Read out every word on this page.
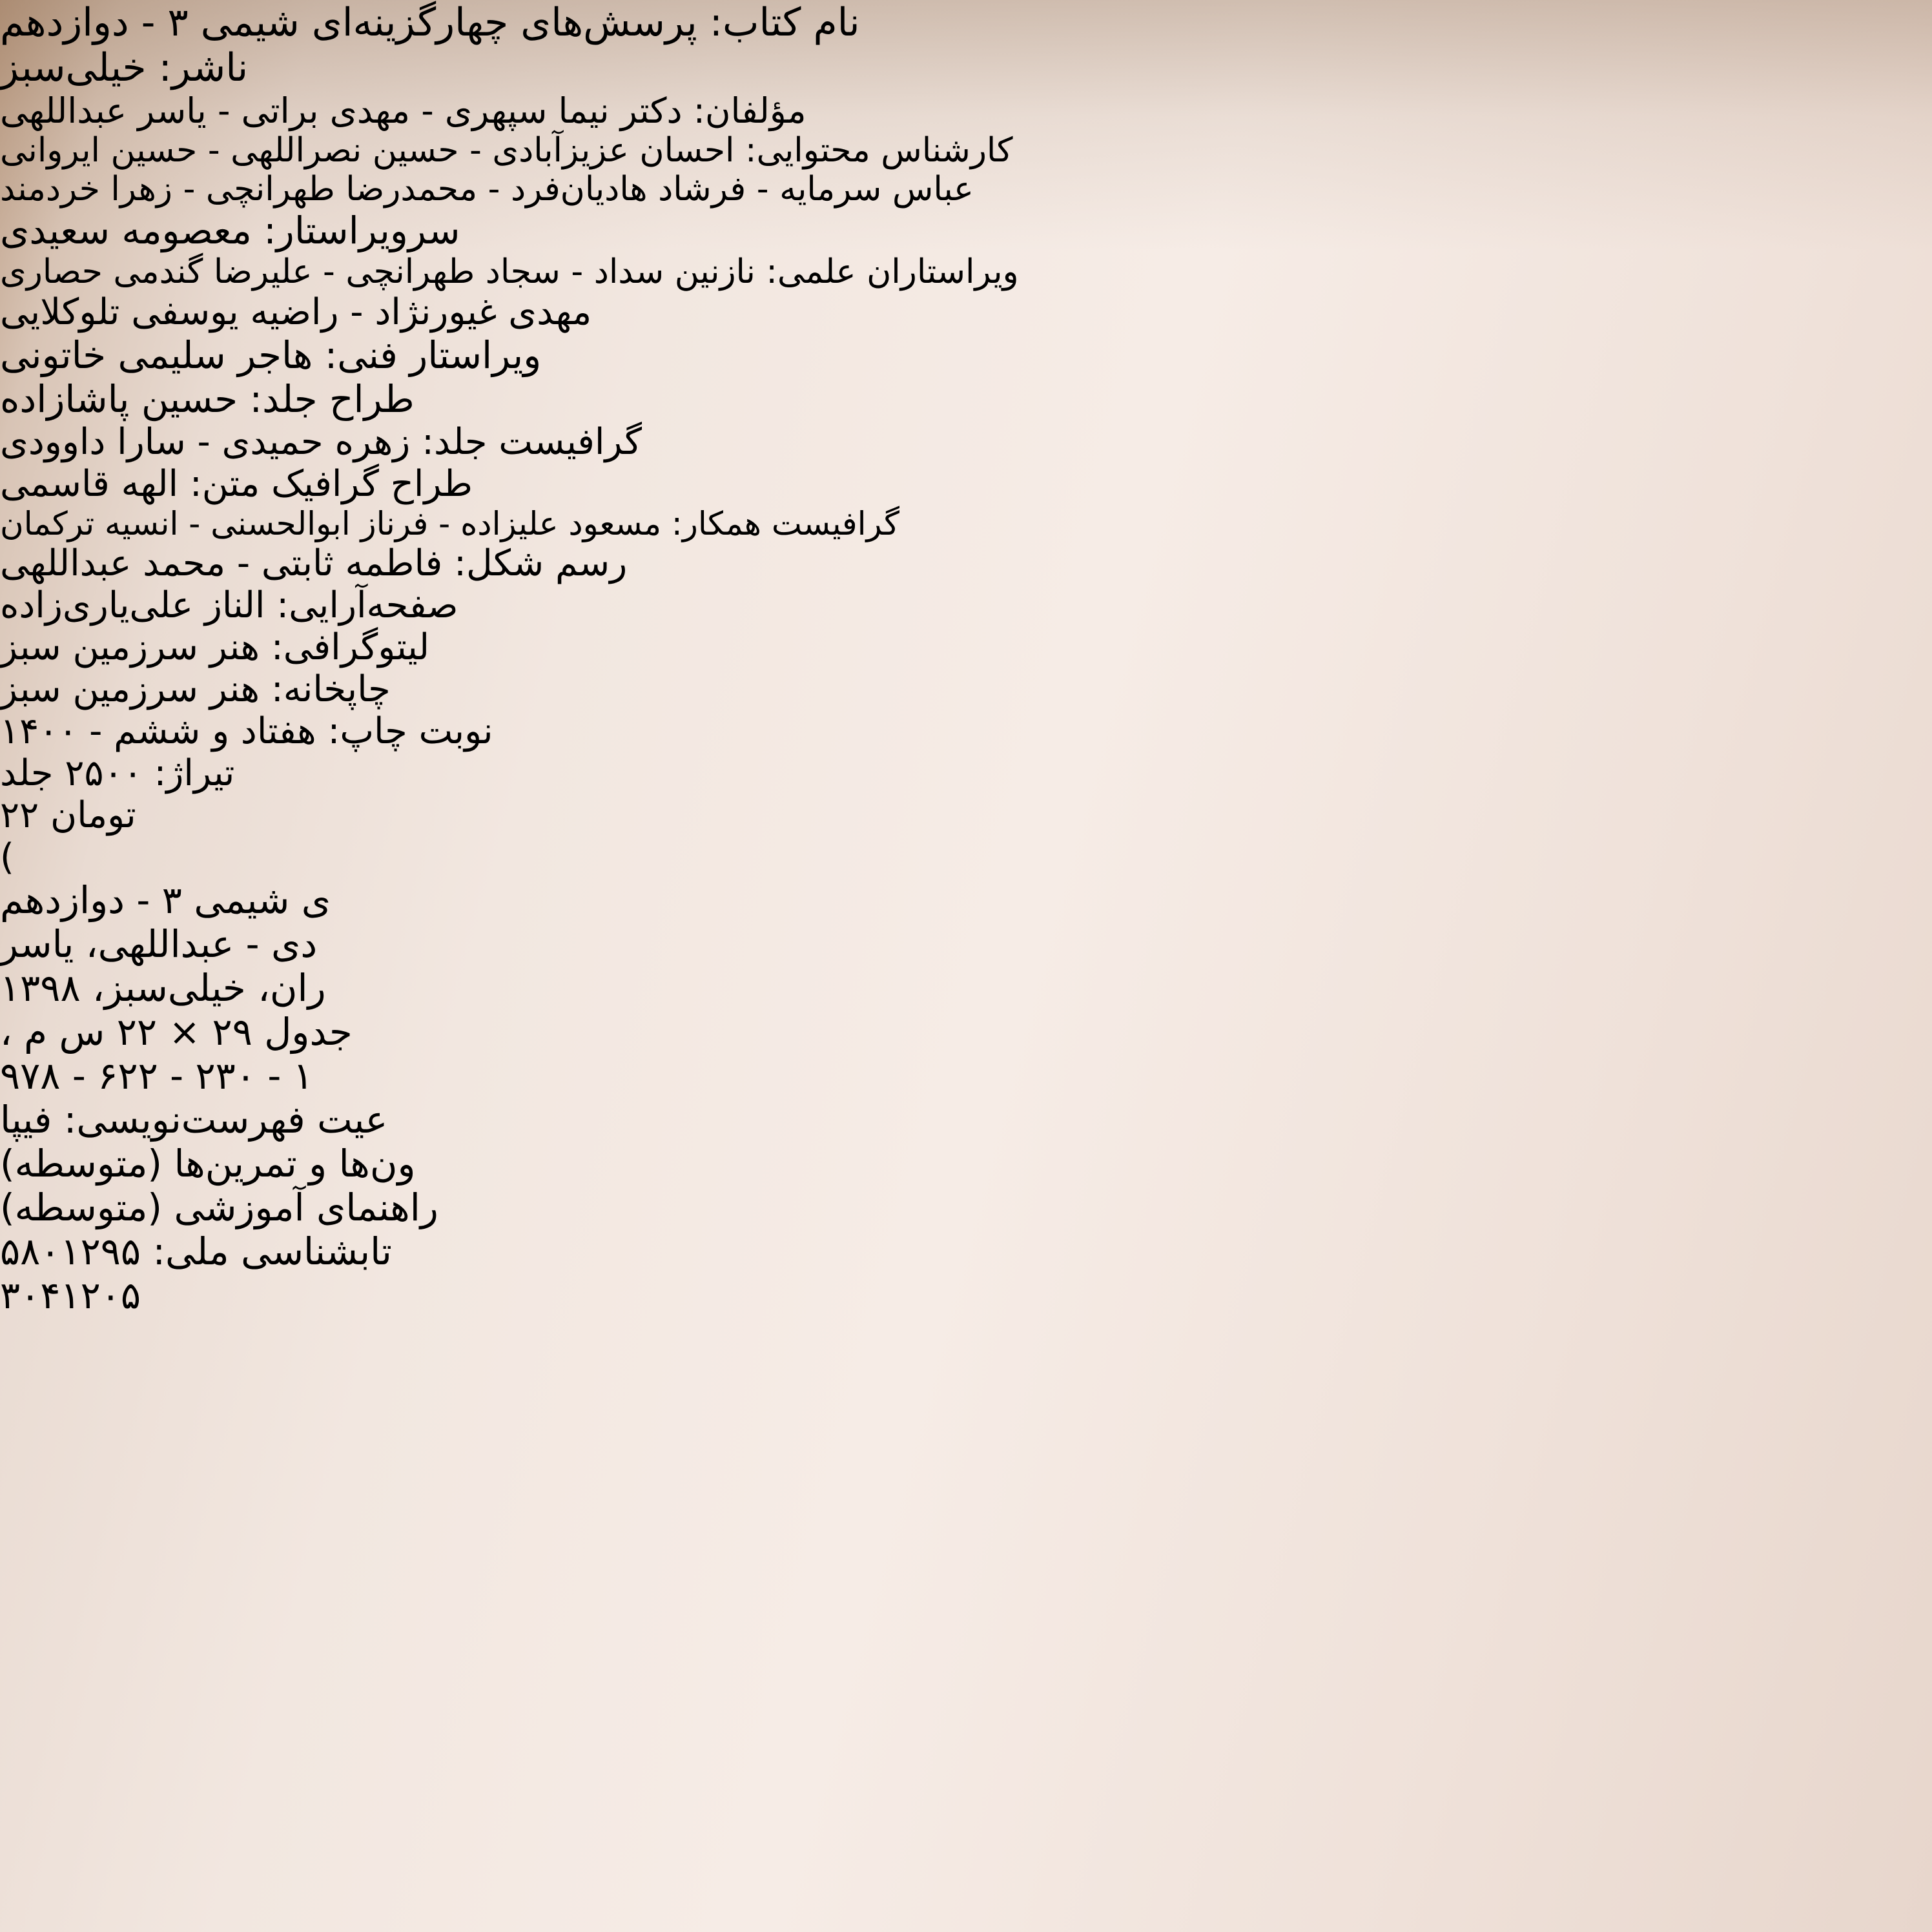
نام کتاب: پرسش‌های چهارگزینه‌ای شیمی ۳ - دوازدهم
ناشر: خیلی‌سبز
مؤلفان: دکتر نیما سپهری - مهدی براتی - یاسر عبداللهی
کارشناس محتوایی: احسان عزیزآبادی - حسین نصراللهی - حسین ایروانی
عباس سرمایه - فرشاد هادیان‌فرد - محمدرضا طهرانچی - زهرا خردمند
سرویراستار: معصومه سعیدی
ویراستاران علمی: نازنین سداد - سجاد طهرانچی - علیرضا گندمی حصاری
مهدی غیورنژاد - راضیه یوسفی تلوکلایی
ویراستار فنی: هاجر سلیمی خاتونی
طراح جلد: حسین پاشازاده
گرافیست جلد: زهره حمیدی - سارا داوودی
طراح گرافیک متن: الهه قاسمی
گرافیست همکار: مسعود علیزاده - فرناز ابوالحسنی - انسیه ترکمان
رسم شکل: فاطمه ثابتی - محمد عبداللهی
صفحه‌آرایی: الناز علی‌یاری‌زاده
لیتوگرافی: هنر سرزمین سبز
چاپخانه: هنر سرزمین سبز
نوبت چاپ: هفتاد و ششم - ۱۴۰۰
تیراژ: ۲۵۰۰ جلد
۲۲ تومان
(
ی شیمی ۳ - دوازدهم
دی - عبداللهی، یاسر
ران، خیلی‌سبز، ۱۳۹۸
، جدول ۲۹ × ۲۲ س م
۹۷۸ - ۶۲۲ - ۲۳۰ - ۱
عیت فهرست‌نویسی: فیپا
ون‌ها و تمرین‌ها (متوسطه)
راهنمای آموزشی (متوسطه)
تابشناسی ملی: ۵۸۰۱۲۹۵
۳۰۴۱۲۰۵
